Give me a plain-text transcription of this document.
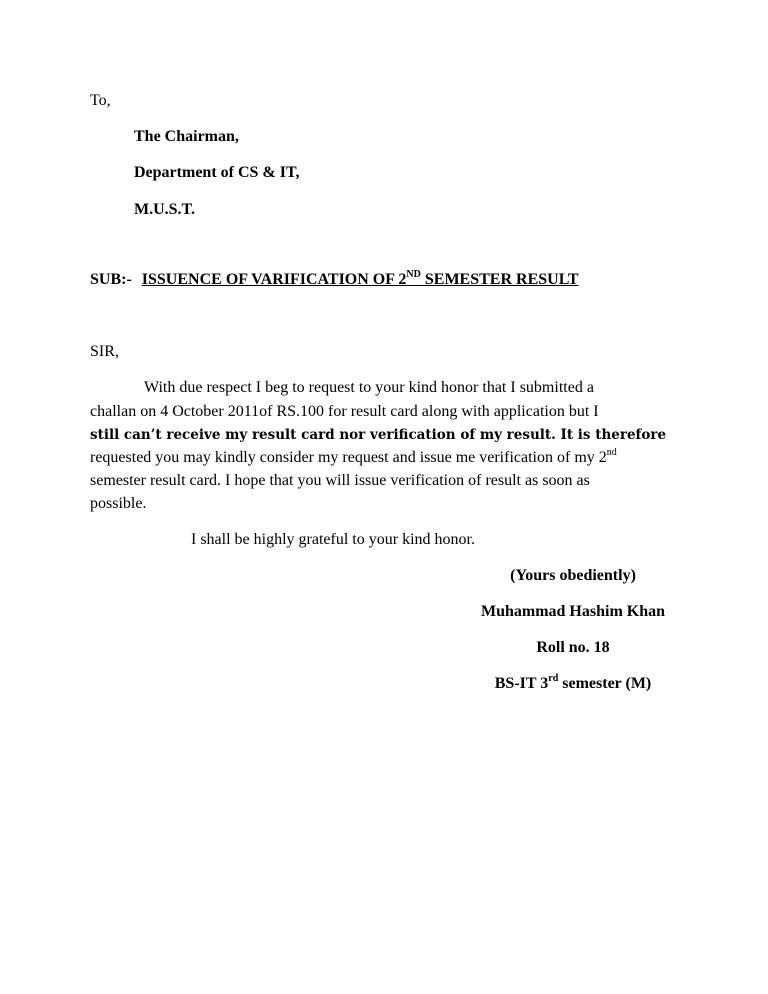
To,
The Chairman,
Department of CS & IT,
M.U.S.T.
SUB:- ISSUENCE OF VARIFICATION OF 2ND SEMESTER RESULT
SIR,
With due respect I beg to request to your kind honor that I submitted a
challan on 4 October 2011of RS.100 for result card along with application but I
still can’t receive my result card nor verification of my result. It is therefore
requested you may kindly consider my request and issue me verification of my 2nd
semester result card. I hope that you will issue verification of result as soon as
possible.
I shall be highly grateful to your kind honor.
(Yours obediently)
Muhammad Hashim Khan
Roll no. 18
BS-IT 3rd semester (M)
